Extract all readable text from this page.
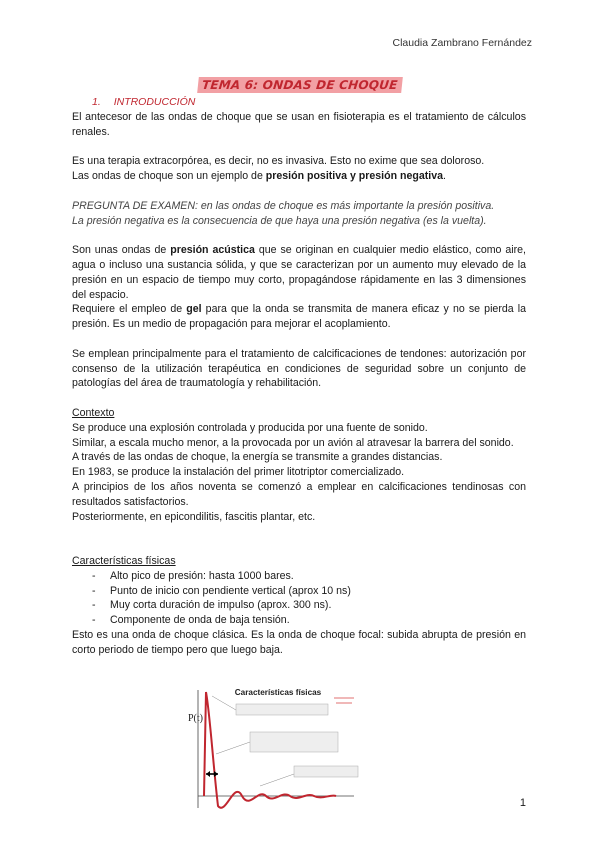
Claudia Zambrano Fernández
TEMA 6: ONDAS DE CHOQUE
1. INTRODUCCIÓN

El antecesor de las ondas de choque que se usan en fisioterapia es el tratamiento de cálculos renales.

Es una terapia extracorpórea, es decir, no es invasiva. Esto no exime que sea doloroso.

Las ondas de choque son un ejemplo de presión positiva y presión negativa.

PREGUNTA DE EXAMEN: en las ondas de choque es más importante la presión positiva.

La presión negativa es la consecuencia de que haya una presión negativa (es la vuelta).

Son unas ondas de presión acústica que se originan en cualquier medio elástico, como aire, agua o incluso una sustancia sólida, y que se caracterizan por un aumento muy elevado de la presión en un espacio de tiempo muy corto, propagándose rápidamente en las 3 dimensiones del espacio.

Requiere el empleo de gel para que la onda se transmita de manera eficaz y no se pierda la presión. Es un medio de propagación para mejorar el acoplamiento.

Se emplean principalmente para el tratamiento de calcificaciones de tendones: autorización por consenso de la utilización terapéutica en condiciones de seguridad sobre un conjunto de patologías del área de traumatología y rehabilitación.

Contexto

Se produce una explosión controlada y producida por una fuente de sonido.

Similar, a escala mucho menor, a la provocada por un avión al atravesar la barrera del sonido.

A través de las ondas de choque, la energía se transmite a grandes distancias.

En 1983, se produce la instalación del primer litotriptor comercializado.

A principios de los años noventa se comenzó a emplear en calcificaciones tendinosas con resultados satisfactorios.

Posteriormente, en epicondilitis, fascitis plantar, etc.

Características físicas

- Alto pico de presión: hasta 1000 bares.
- Punto de inicio con pendiente vertical (aprox 10 ns)
- Muy corta duración de impulso (aprox. 300 ns).
- Componente de onda de baja tensión.

Esto es una onda de choque clásica. Es la onda de choque focal: subida abrupta de presión en corto periodo de tiempo pero que luego baja.

Características físicas
P(t)
1
